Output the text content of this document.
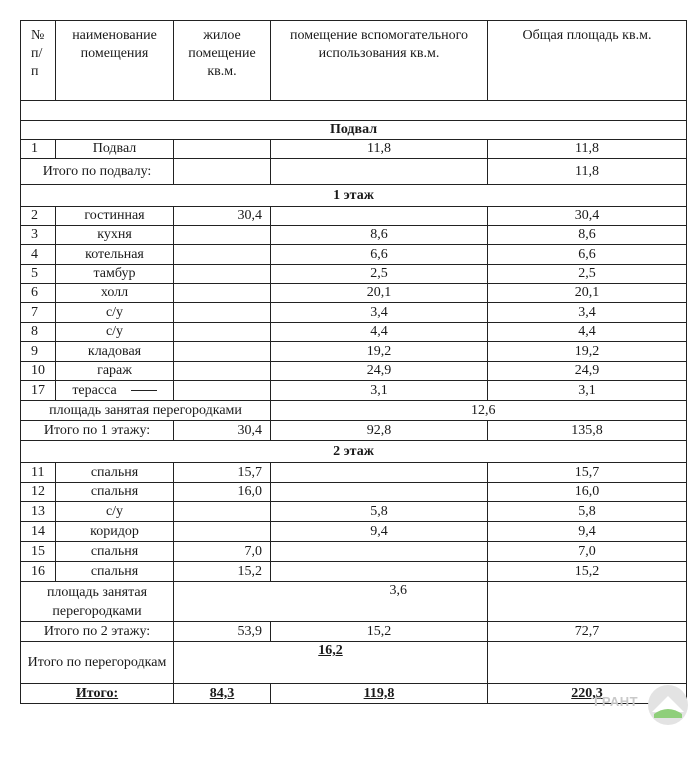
№ п/ п	наименование помещения	жилое помещение кв.м.	помещение вспомогательного использования кв.м.	Общая площадь кв.м.

Подвал				
1	Подвал		11,8	11,8
Итого по подвалу:				11,8
1 этаж				
2	гостинная	30,4		30,4
3	кухня		8,6	8,6
4	котельная		6,6	6,6
5	тамбур		2,5	2,5
6	холл		20,1	20,1
7	с/у		3,4	3,4
8	с/у		4,4	4,4
9	кладовая		19,2	19,2
10	гараж		24,9	24,9
17	терасса		3,1	3,1
площадь занятая перегородками			12,6	
Итого по 1 этажу:		30,4	92,8	135,8
2 этаж				
11	спальня	15,7		15,7
12	спальня	16,0		16,0
13	с/у		5,8	5,8
14	коридор		9,4	9,4
15	спальня	7,0		7,0
16	спальня	15,2		15,2
площадь занятая перегородками		3,6		
Итого по 2 этажу:		53,9	15,2	72,7
Итого по перегородкам		16,2		
Итого:		84,3	119,8	220,3
ГРАНТ
